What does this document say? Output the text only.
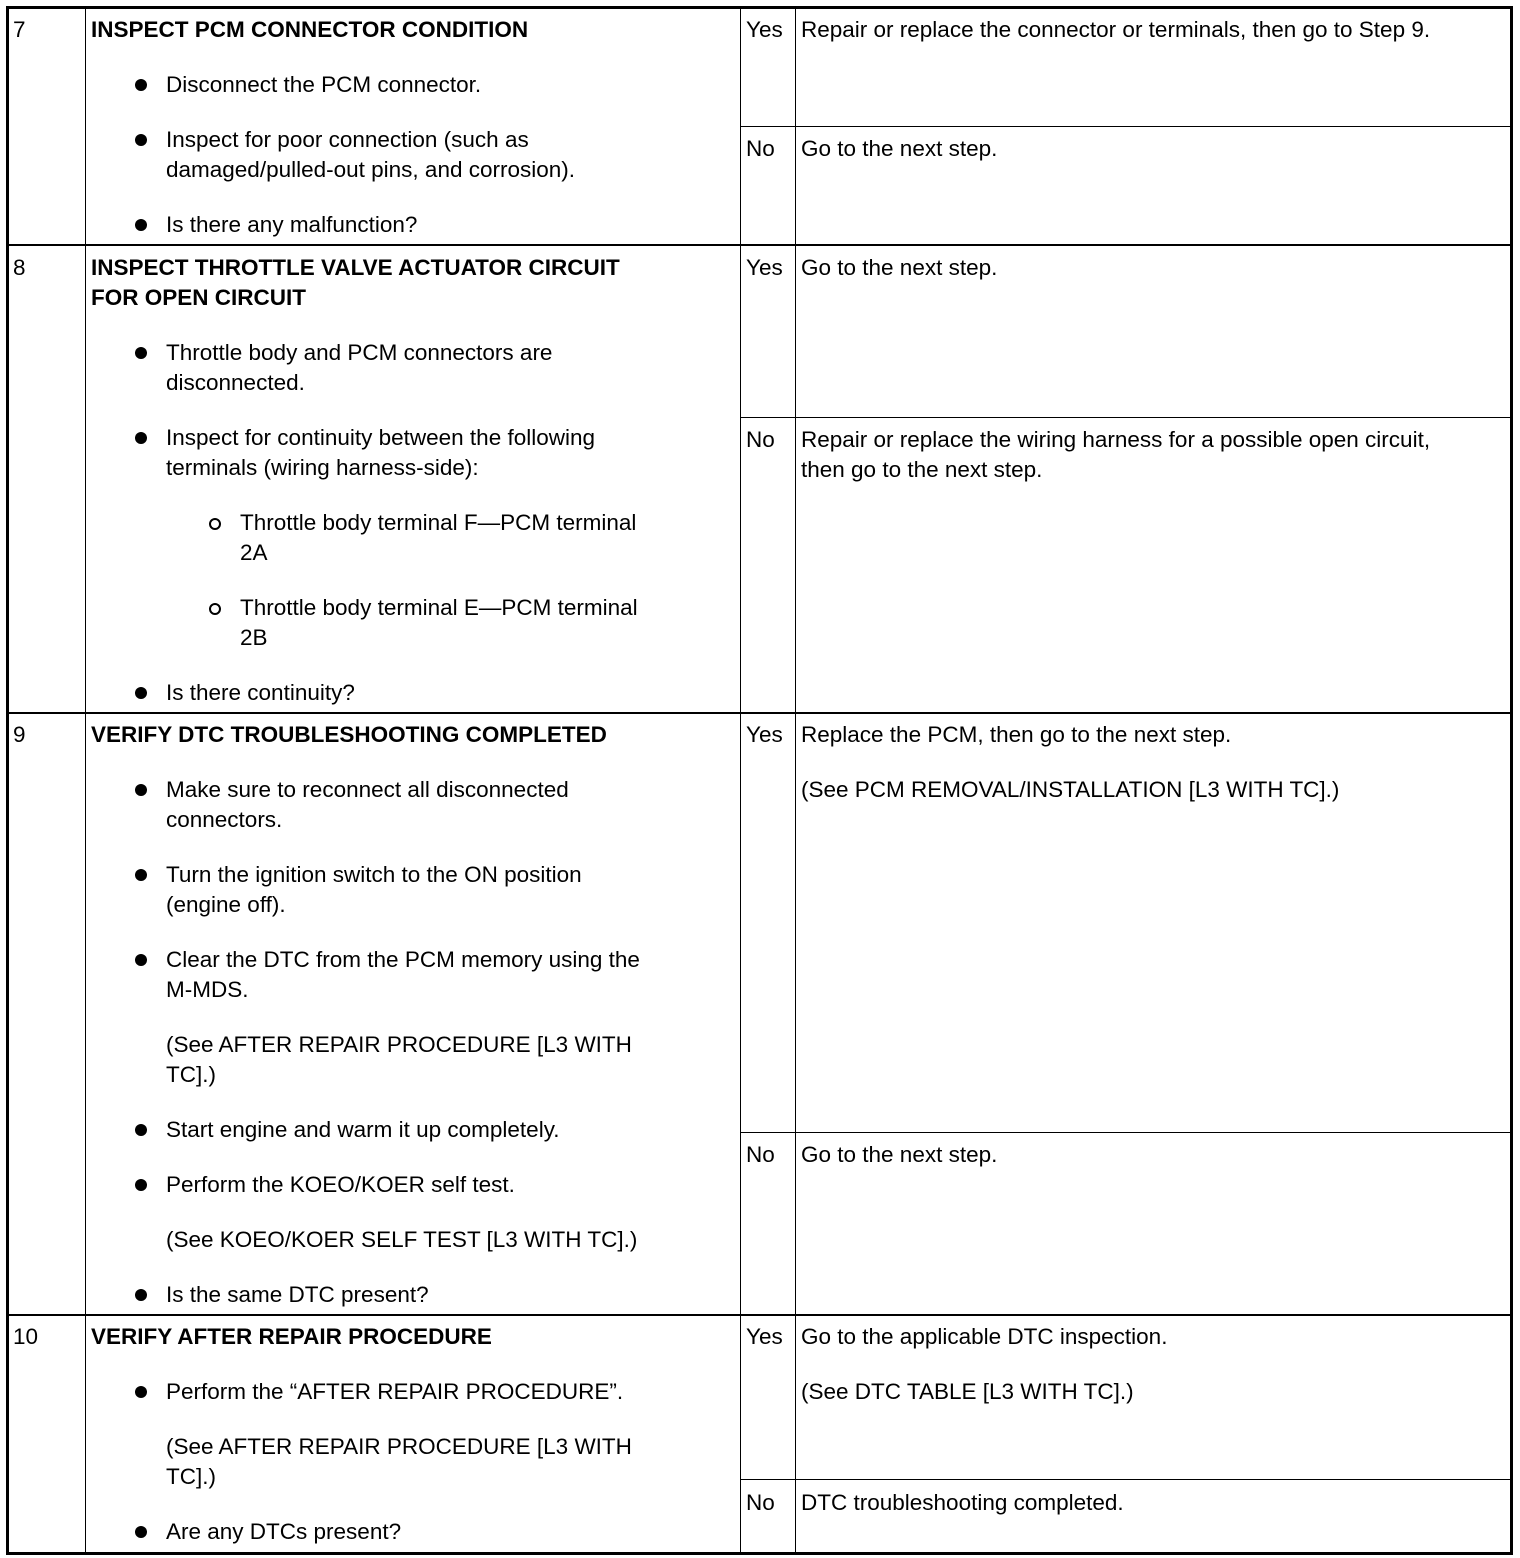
7	INSPECT PCM CONNECTOR CONDITION
Disconnect the PCM connector.
Inspect for poor connection (such as
damaged/pulled-out pins, and corrosion).
Is there any malfunction?
Yes Repair or replace the connector or terminals, then go to Step 9.
No Go to the next step.
8	INSPECT THROTTLE VALVE ACTUATOR CIRCUIT
FOR OPEN CIRCUIT
Throttle body and PCM connectors are
disconnected.
Inspect for continuity between the following
terminals (wiring harness-side):
Throttle body terminal F—PCM terminal
2A
Throttle body terminal E—PCM terminal
2B
Is there continuity?
Yes Go to the next step.
No Repair or replace the wiring harness for a possible open circuit,
then go to the next step.
9	VERIFY DTC TROUBLESHOOTING COMPLETED
Make sure to reconnect all disconnected
connectors.
Turn the ignition switch to the ON position
(engine off).
Clear the DTC from the PCM memory using the
M-MDS.
(See AFTER REPAIR PROCEDURE [L3 WITH
TC].)
Start engine and warm it up completely.
Perform the KOEO/KOER self test.
(See KOEO/KOER SELF TEST [L3 WITH TC].)
Is the same DTC present?
Yes Replace the PCM, then go to the next step.
(See PCM REMOVAL/INSTALLATION [L3 WITH TC].)
No Go to the next step.
10 VERIFY AFTER REPAIR PROCEDURE
Perform the “AFTER REPAIR PROCEDURE”.
(See AFTER REPAIR PROCEDURE [L3 WITH
TC].)
Are any DTCs present?
Yes Go to the applicable DTC inspection.
(See DTC TABLE [L3 WITH TC].)
No DTC troubleshooting completed.
